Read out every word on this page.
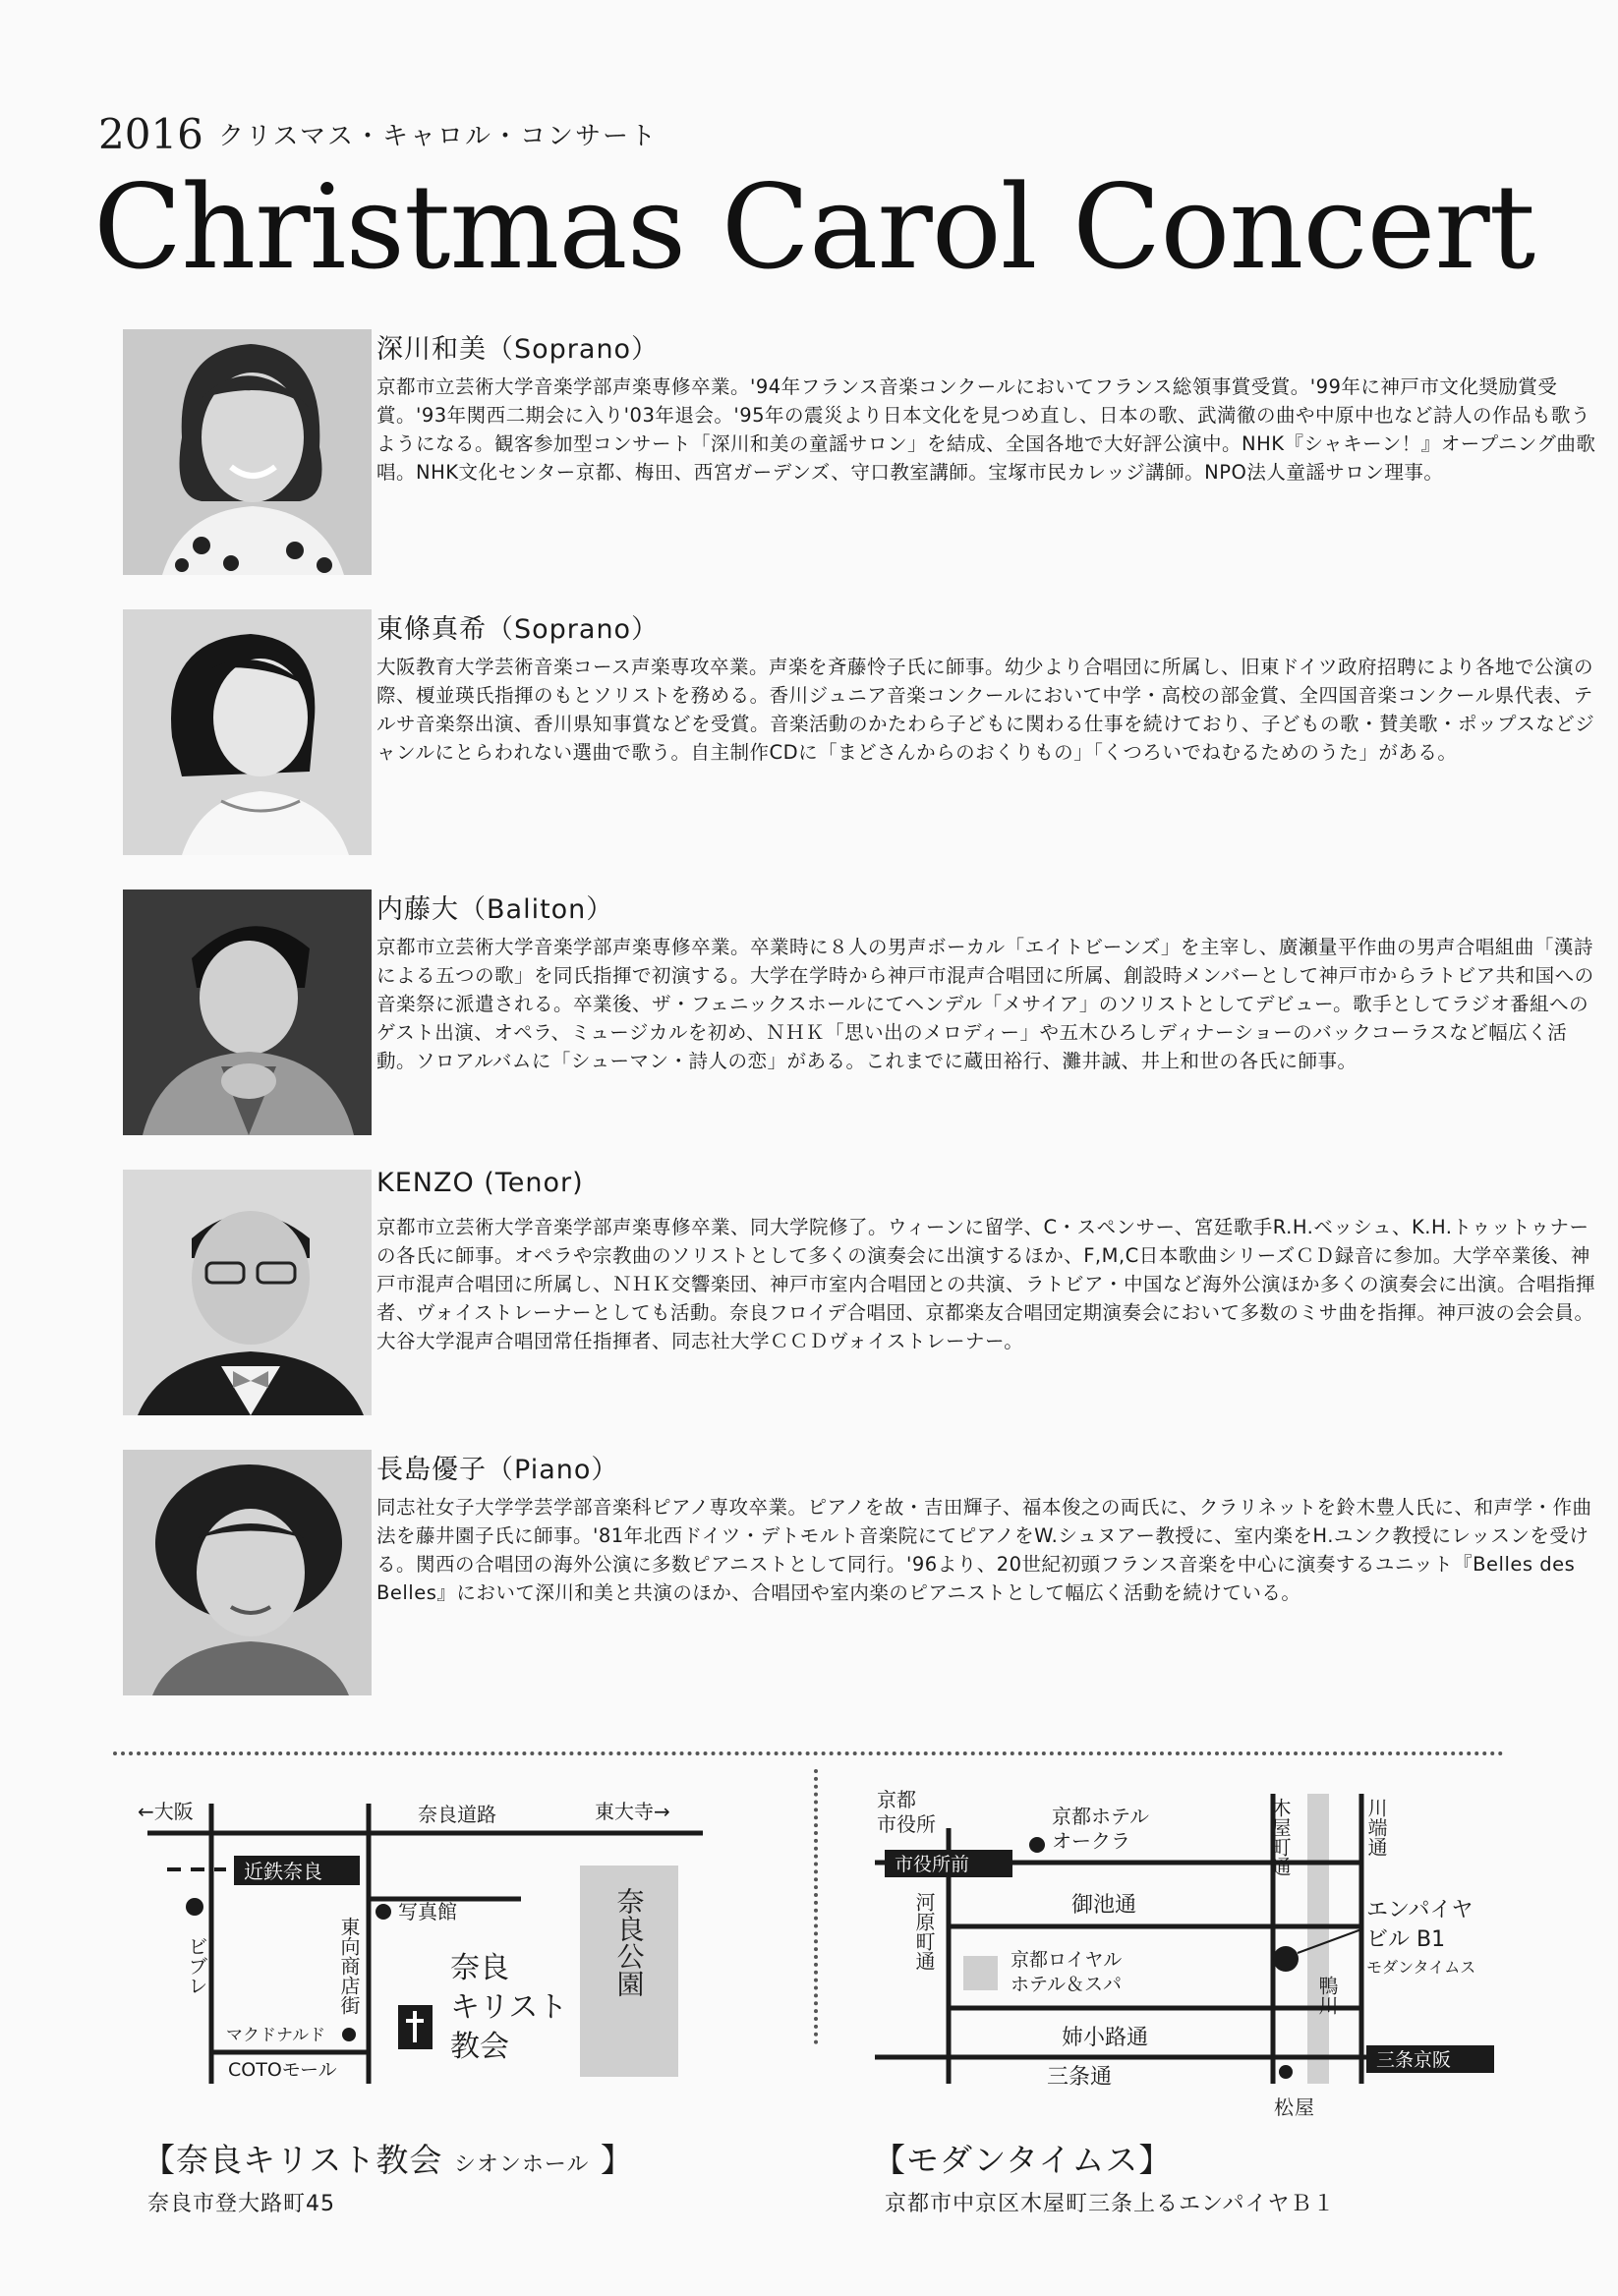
2016 クリスマス・キャロル・コンサート
Christmas Carol Concert
深川和美（Soprano）

京都市立芸術大学音楽学部声楽専修卒業。'94年フランス音楽コンクールにおいてフランス総領事賞受賞。'99年に神戸市文化奨励賞受賞。'93年関西二期会に入り'03年退会。'95年の震災より日本文化を見つめ直し、日本の歌、武満徹の曲や中原中也など詩人の作品も歌うようになる。観客参加型コンサート「深川和美の童謡サロン」を結成、全国各地で大好評公演中。NHK『シャキーン！』オープニング曲歌唱。NHK文化センター京都、梅田、西宮ガーデンズ、守口教室講師。宝塚市民カレッジ講師。NPO法人童謡サロン理事。

東條真希（Soprano）

大阪教育大学芸術音楽コース声楽専攻卒業。声楽を斉藤怜子氏に師事。幼少より合唱団に所属し、旧東ドイツ政府招聘により各地で公演の際、榎並瑛氏指揮のもとソリストを務める。香川ジュニア音楽コンクールにおいて中学・高校の部金賞、全四国音楽コンクール県代表、テルサ音楽祭出演、香川県知事賞などを受賞。音楽活動のかたわら子どもに関わる仕事を続けており、子どもの歌・賛美歌・ポップスなどジャンルにとらわれない選曲で歌う。自主制作CDに「まどさんからのおくりもの」「くつろいでねむるためのうた」がある。

内藤大（Baliton）

京都市立芸術大学音楽学部声楽専修卒業。卒業時に８人の男声ボーカル「エイトビーンズ」を主宰し、廣瀬量平作曲の男声合唱組曲「漢詩による五つの歌」を同氏指揮で初演する。大学在学時から神戸市混声合唱団に所属、創設時メンバーとして神戸市からラトビア共和国への音楽祭に派遣される。卒業後、ザ・フェニックスホールにてヘンデル「メサイア」のソリストとしてデビュー。歌手としてラジオ番組へのゲスト出演、オペラ、ミュージカルを初め、ＮＨＫ「思い出のメロディー」や五木ひろしディナーショーのバックコーラスなど幅広く活動。ソロアルバムに「シューマン・詩人の恋」がある。これまでに蔵田裕行、灘井誠、井上和世の各氏に師事。

KENZO (Tenor)

京都市立芸術大学音楽学部声楽専修卒業、同大学院修了。ウィーンに留学、C・スペンサー、宮廷歌手R.H.ベッシュ、K.H.トゥットゥナーの各氏に師事。オペラや宗教曲のソリストとして多くの演奏会に出演するほか、F,M,C日本歌曲シリーズＣＤ録音に参加。大学卒業後、神戸市混声合唱団に所属し、ＮＨＫ交響楽団、神戸市室内合唱団との共演、ラトビア・中国など海外公演ほか多くの演奏会に出演。合唱指揮者、ヴォイストレーナーとしても活動。奈良フロイデ合唱団、京都楽友合唱団定期演奏会において多数のミサ曲を指揮。神戸波の会会員。大谷大学混声合唱団常任指揮者、同志社大学ＣＣＤヴォイストレーナー。

長島優子（Piano）

同志社女子大学学芸学部音楽科ピアノ専攻卒業。ピアノを故・吉田輝子、福本俊之の両氏に、クラリネットを鈴木豊人氏に、和声学・作曲法を藤井園子氏に師事。'81年北西ドイツ・デトモルト音楽院にてピアノをW.シュヌアー教授に、室内楽をH.ユンク教授にレッスンを受ける。関西の合唱団の海外公演に多数ピアニストとして同行。'96より、20世紀初頭フランス音楽を中心に演奏するユニット『Belles des Belles』において深川和美と共演のほか、合唱団や室内楽のピアニストとして幅広く活動を続けている。

近鉄奈良
←大阪	奈良道路	東大寺→
ビブレ	東向商店街
写真館	奈良公園
奈良キリスト教会
マクドナルド
COTOモール
市役所前
三条京阪
京都市役所	京都ホテルオークラ	木屋町通	川端通
御池通
河原町通	京都ロイヤルホテル＆スパ
エンパイヤビル B1
モダンタイムス
鴨川
姉小路通
三条通
松屋
【奈良キリスト教会 シオンホール 】
奈良市登大路町45
【モダンタイムス】
京都市中京区木屋町三条上るエンパイヤＢ１
